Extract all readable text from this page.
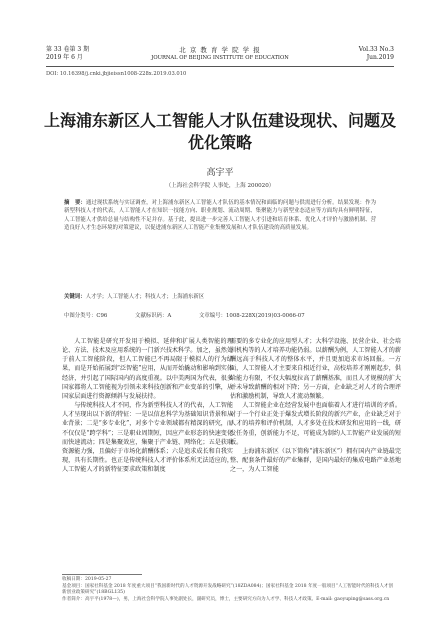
第 33 卷第 3 期
2019 年 6 月
北 京 教 育 学 院 学 报
JOURNAL OF BEIJING INSTITUTE OF EDUCATION
Vol.33 No.3
Jun.2019
DOI: 10.16398/j.cnki.jbjieissn1008-228x.2019.03.010
上海浦东新区人工智能人才队伍建设现状、问题及优化策略
高宇平
（上海社会科学院 人事处，上海 200020）
摘　要：通过现状系统与实证调查，对上海浦东新区人工智能人才队伍的基本情况和面临的问题与供需进行分析。结果发现：作为新型科技人才的代表，人工智能人才在知识一技能方向、职业规划、流动周期、集聚能力与新型业态适应等方面均具有鲜明特征，人工智能人才供给总量与结构性不足并存。基于此，提出进一步完善人工智能人才引进和培育体系、优化人才评价与激励机制、营造良好人才生态环境的对策建议，以促进浦东新区人工智能产业集聚发展和人才队伍建设的高质量发展。
关键词：人才学；人工智能人才；科技人才；上海浦东新区
中图分类号：C96	文献标识码：A	文章编号：1008-228X(2019)03-0066-07

人工智能是研究开发用于模拟、延伸和扩展人类智能的理论、方法、技术及应用系统的一门新兴技术科学。加之，虽然处于前人工智能阶段，但人工智能已不再局限于模拟人的行为结果，而是开始拓展到“泛智能”应用，从而开始撬动和影响到实体经济，并引起了国际国内的高度重视。以中美两国为代表，很多国家都将人工智能视为引领未来科技创新和产业变革的引擎，从国家层面进行资源倾斜与发展扶持。

与传统科技人才不同，作为新型科技人才的代表，人工智能人才呈现出以下新的特征：一是以信息科学为基础知识背景和从业背景；二是“多专业化”，对多个专业领域都有精深的研究，而不仅仅是“跨学科”；三是职业周期短，因应产业形态的快速变化而快速流动；四是集聚效应，集聚于产业链、网络化；五是获取资源能力强，且偏好于市场化薪酬体系；六是追求成长和自我实现，具有长期性。也正是传统科技人才评价体系所无法适应的，人工智能人才的新特征要求政策和制度

需要的多专业化的应用型人才；大科学设施、民营企业、社会培训机构等的人才培养功能仍弱。以薪酬为例，人工智能人才的薪酬远高于科技人才的整体水平，并且更加追求市场回报。一方面，人工智能人才主要来自相近行业，高校培养才刚刚起步，供给能力有限，不仅大幅度拉高了薪酬基准，而且人才规模的扩大并未导致薪酬的相对下降；另一方面，企业缺乏对人才的合理评估和激励机制，导致人才流动频繁。

人工智能企业在经营发展中也面临着人才进行培训的矛盾。对于一个行业正处于爆发式增长阶段的新兴产业，企业缺乏对于人才的培养和评价机制，人才多处在技术研发和应用的一线，研发任务重，创新能力不足，可能成为制约人工智能产业发展的短板。

上海浦东新区（以下简称“浦东新区”）拥有国内产业链最完整、配套条件最好的产业集群，是国内最好的集成电路产业基地之一，为人工智能

收稿日期：2019-05-27
基金项目：国家社科基金 2018 年度重大项目“我国新时代的人才资源开发战略研究”(18ZDA084)；国家社科基金 2018 年度一般项目“人工智能时代的科技人才创新创业政策研究”(18BGL135)
作者简介：高宇平(1978—)，男，上海社会科学院人事处副处长，副研究员，博士，主要研究方向为人才学、科技人才政策。E-mail: gaoyuping@sass.org.cn
